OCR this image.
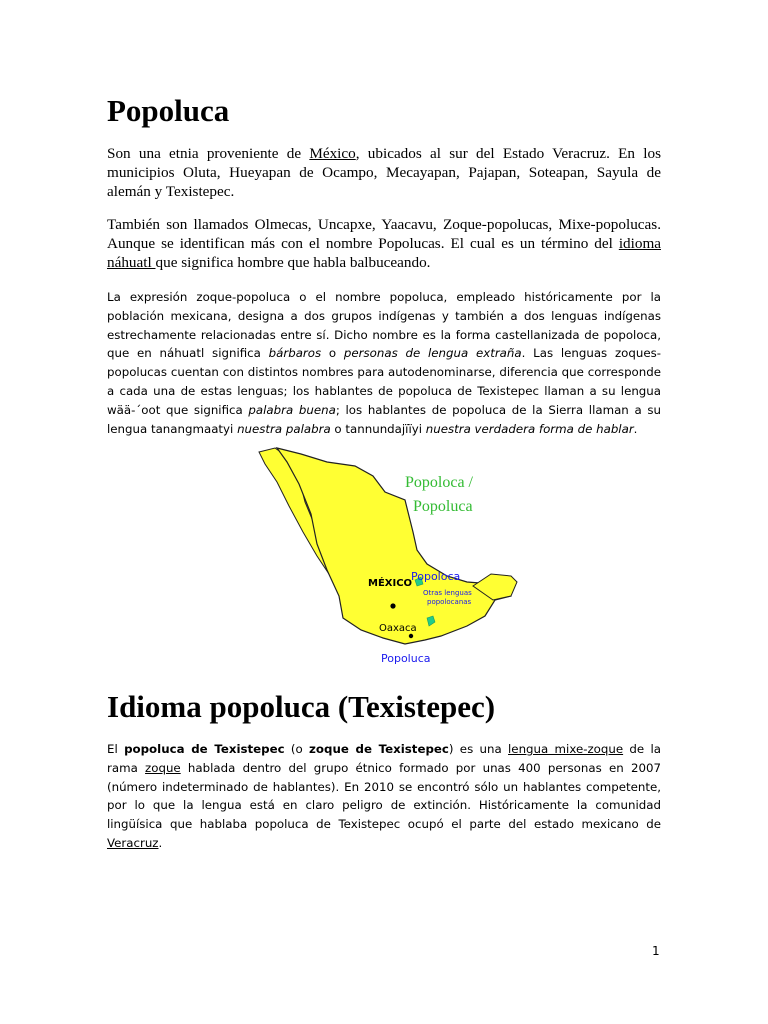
Popoluca

Son una etnia proveniente de México, ubicados al sur del Estado Veracruz. En los municipios Oluta, Hueyapan de Ocampo, Mecayapan, Pajapan, Soteapan, Sayula de alemán y Texistepec.

También son llamados Olmecas, Uncapxe, Yaacavu, Zoque-popolucas, Mixe-popolucas. Aunque se identifican más con el nombre Popolucas. El cual es un término del idioma náhuatl que significa hombre que habla balbuceando.

La expresión zoque-popoluca o el nombre popoluca, empleado históricamente por la población mexicana, designa a dos grupos indígenas y también a dos lenguas indígenas estrechamente relacionadas entre sí. Dicho nombre es la forma castellanizada de popoloca, que en náhuatl significa bárbaros o personas de lengua extraña. Las lenguas zoques-popolucas cuentan con distintos nombres para autodenominarse, diferencia que corresponde a cada una de estas lenguas; los hablantes de popoluca de Texistepec llaman a su lengua wää-´oot que significa palabra buena; los hablantes de popoluca de la Sierra llaman a su lengua tanangmaatyi nuestra palabra o tannundajïïyi nuestra verdadera forma de hablar.

Popoloca /
Popoluca
MÉXICO
Popoloca
Otras lenguas
popolocanas
Oaxaca
Popoluca
Idioma popoluca (Texistepec)

El popoluca de Texistepec (o zoque de Texistepec) es una lengua mixe-zoque de la rama zoque hablada dentro del grupo étnico formado por unas 400 personas en 2007 (número indeterminado de hablantes). En 2010 se encontró sólo un hablantes competente, por lo que la lengua está en claro peligro de extinción. Históricamente la comunidad lingüísica que hablaba popoluca de Texistepec ocupó el parte del estado mexicano de Veracruz.

1
